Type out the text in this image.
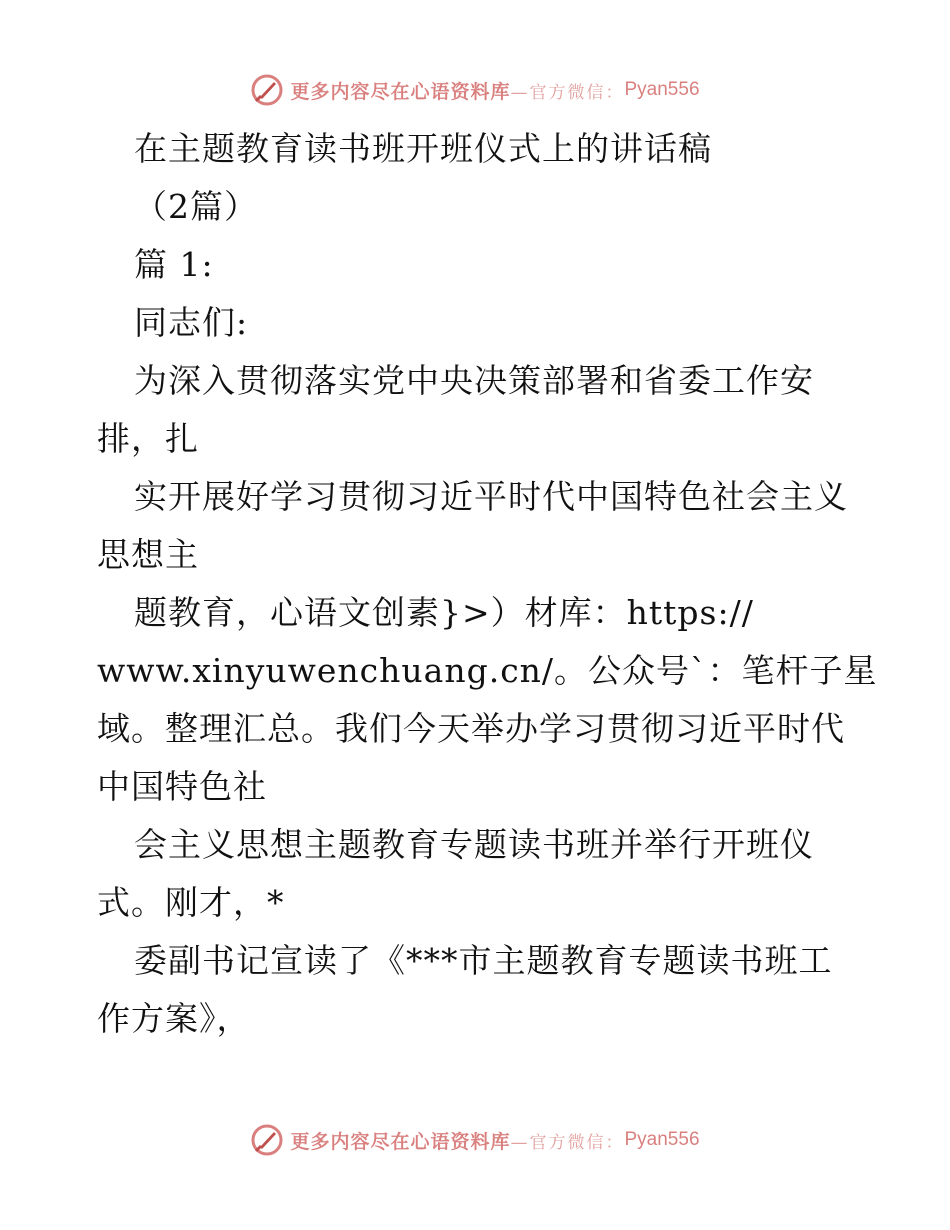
更多内容尽在心语资料库 —官方微信： Pyan556
在主题教育读书班开班仪式上的讲话稿
（2篇）
篇 1:
同志们:
为深入贯彻落实党中央决策部署和省委工作安
排，扎
实开展好学习贯彻习近平时代中国特色社会主义
思想主
题教育，心语文创素}>）材库：https://
www.xinyuwenchuang.cn/。公众号`：笔杆子星
域。整理汇总。我们今天举办学习贯彻习近平时代
中国特色社
会主义思想主题教育专题读书班并举行开班仪
式。刚才，*
委副书记宣读了《***市主题教育专题读书班工
作方案》，
更多内容尽在心语资料库 —官方微信： Pyan556
